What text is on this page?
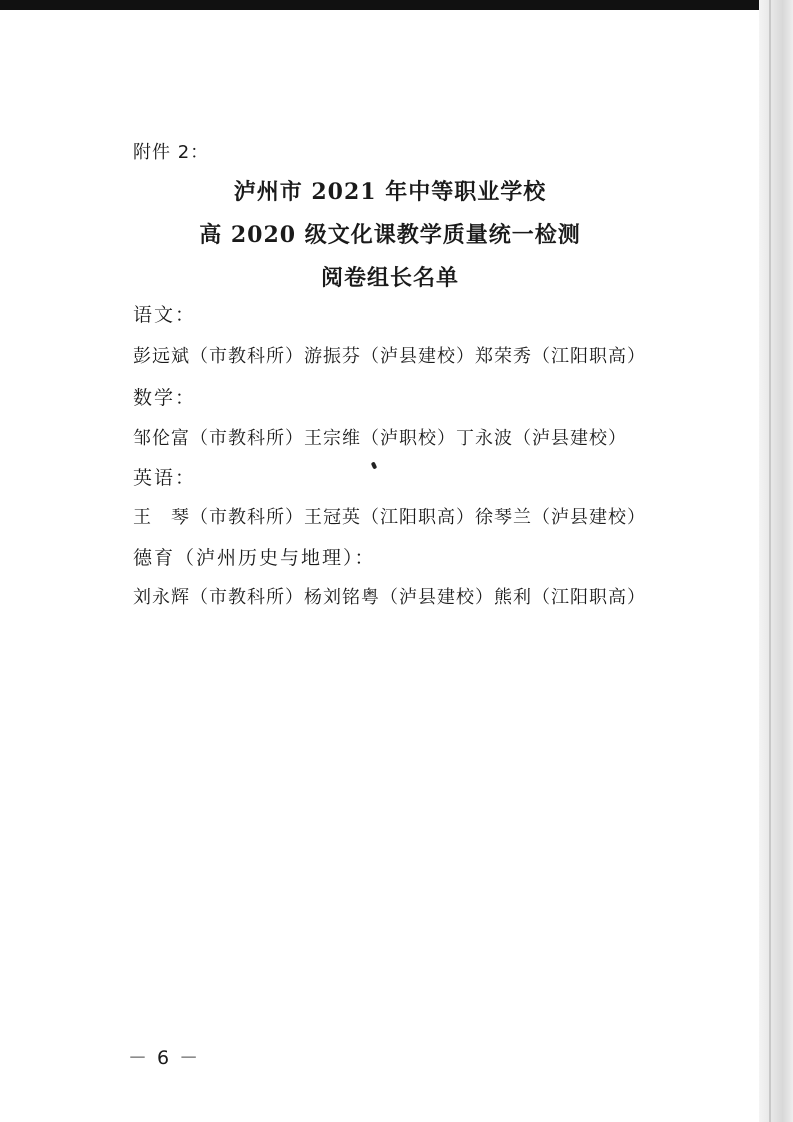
附件 2：
泸州市 2021 年中等职业学校
高 2020 级文化课教学质量统一检测
阅卷组长名单
语文：
彭远斌（市教科所）游振芬（泸县建校）郑荣秀（江阳职高）
数学：
邹伦富（市教科所）王宗维（泸职校）丁永波（泸县建校）
英语：
王　琴（市教科所）王冠英（江阳职高）徐琴兰（泸县建校）
德育（泸州历史与地理）：
刘永辉（市教科所）杨刘铭粤（泸县建校）熊利（江阳职高）
－ 6 －
